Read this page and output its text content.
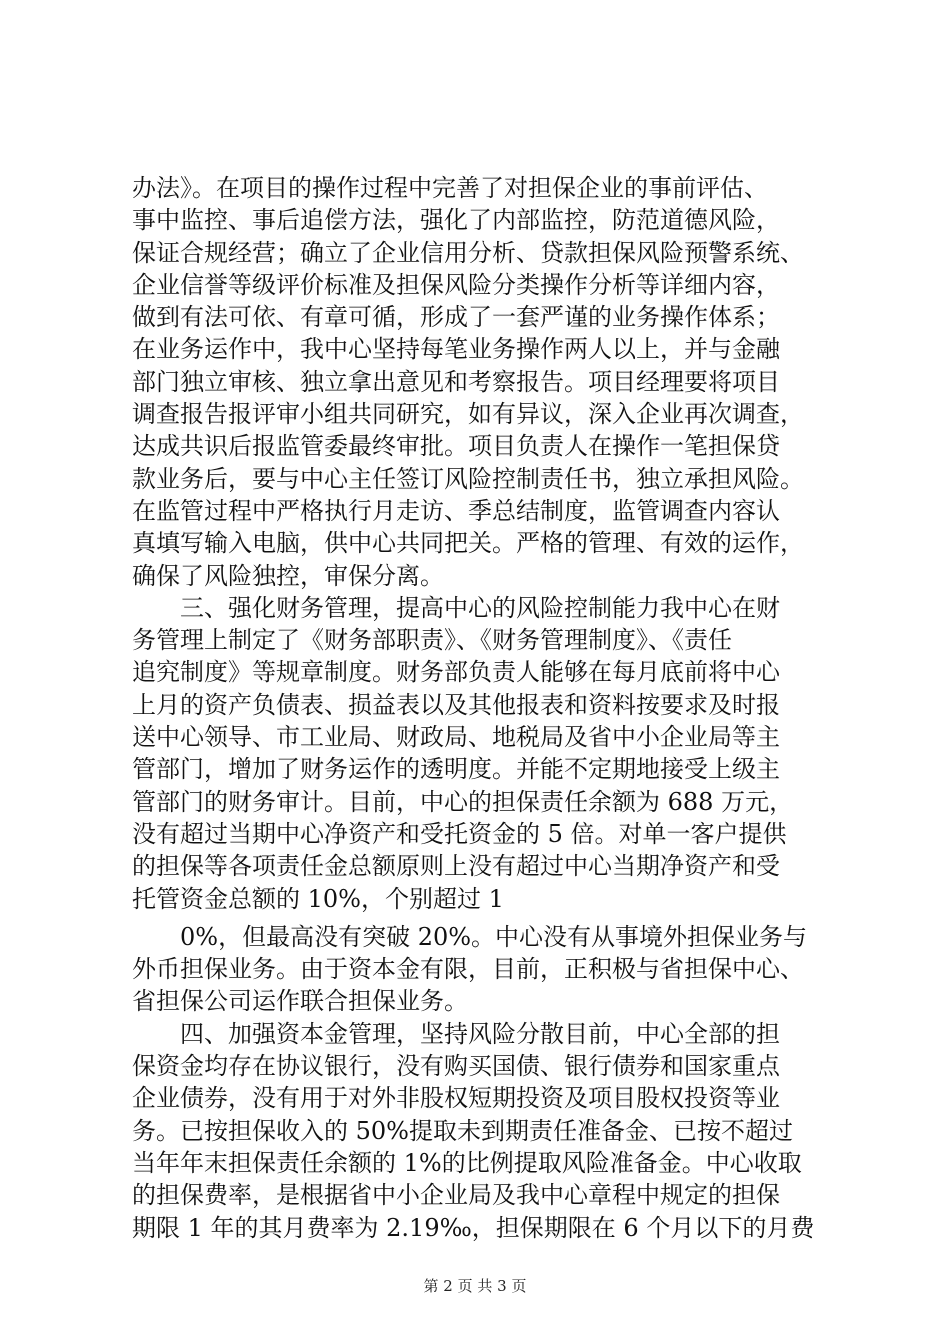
办法》。在项目的操作过程中完善了对担保企业的事前评估、
事中监控、事后追偿方法，强化了内部监控，防范道德风险，
保证合规经营；确立了企业信用分析、贷款担保风险预警系统、
企业信誉等级评价标准及担保风险分类操作分析等详细内容，
做到有法可依、有章可循，形成了一套严谨的业务操作体系；
在业务运作中，我中心坚持每笔业务操作两人以上，并与金融
部门独立审核、独立拿出意见和考察报告。项目经理要将项目
调查报告报评审小组共同研究，如有异议，深入企业再次调查，
达成共识后报监管委最终审批。项目负责人在操作一笔担保贷
款业务后，要与中心主任签订风险控制责任书，独立承担风险。
在监管过程中严格执行月走访、季总结制度，监管调查内容认
真填写输入电脑，供中心共同把关。严格的管理、有效的运作，
确保了风险独控，审保分离。
　　三、强化财务管理，提高中心的风险控制能力我中心在财
务管理上制定了《财务部职责》、《财务管理制度》、《责任
追究制度》等规章制度。财务部负责人能够在每月底前将中心
上月的资产负债表、损益表以及其他报表和资料按要求及时报
送中心领导、市工业局、财政局、地税局及省中小企业局等主
管部门，增加了财务运作的透明度。并能不定期地接受上级主
管部门的财务审计。目前，中心的担保责任余额为 688 万元，
没有超过当期中心净资产和受托资金的 5 倍。对单一客户提供
的担保等各项责任金总额原则上没有超过中心当期净资产和受
托管资金总额的 10%，个别超过 1
　　0%，但最高没有突破 20%。中心没有从事境外担保业务与
外币担保业务。由于资本金有限，目前，正积极与省担保中心、
省担保公司运作联合担保业务。
　　四、加强资本金管理，坚持风险分散目前，中心全部的担
保资金均存在协议银行，没有购买国债、银行债券和国家重点
企业债券，没有用于对外非股权短期投资及项目股权投资等业
务。已按担保收入的 50%提取未到期责任准备金、已按不超过
当年年末担保责任余额的 1%的比例提取风险准备金。中心收取
的担保费率，是根据省中小企业局及我中心章程中规定的担保
期限 1 年的其月费率为 2.19‰，担保期限在 6 个月以下的月费
第 2 页 共 3 页
